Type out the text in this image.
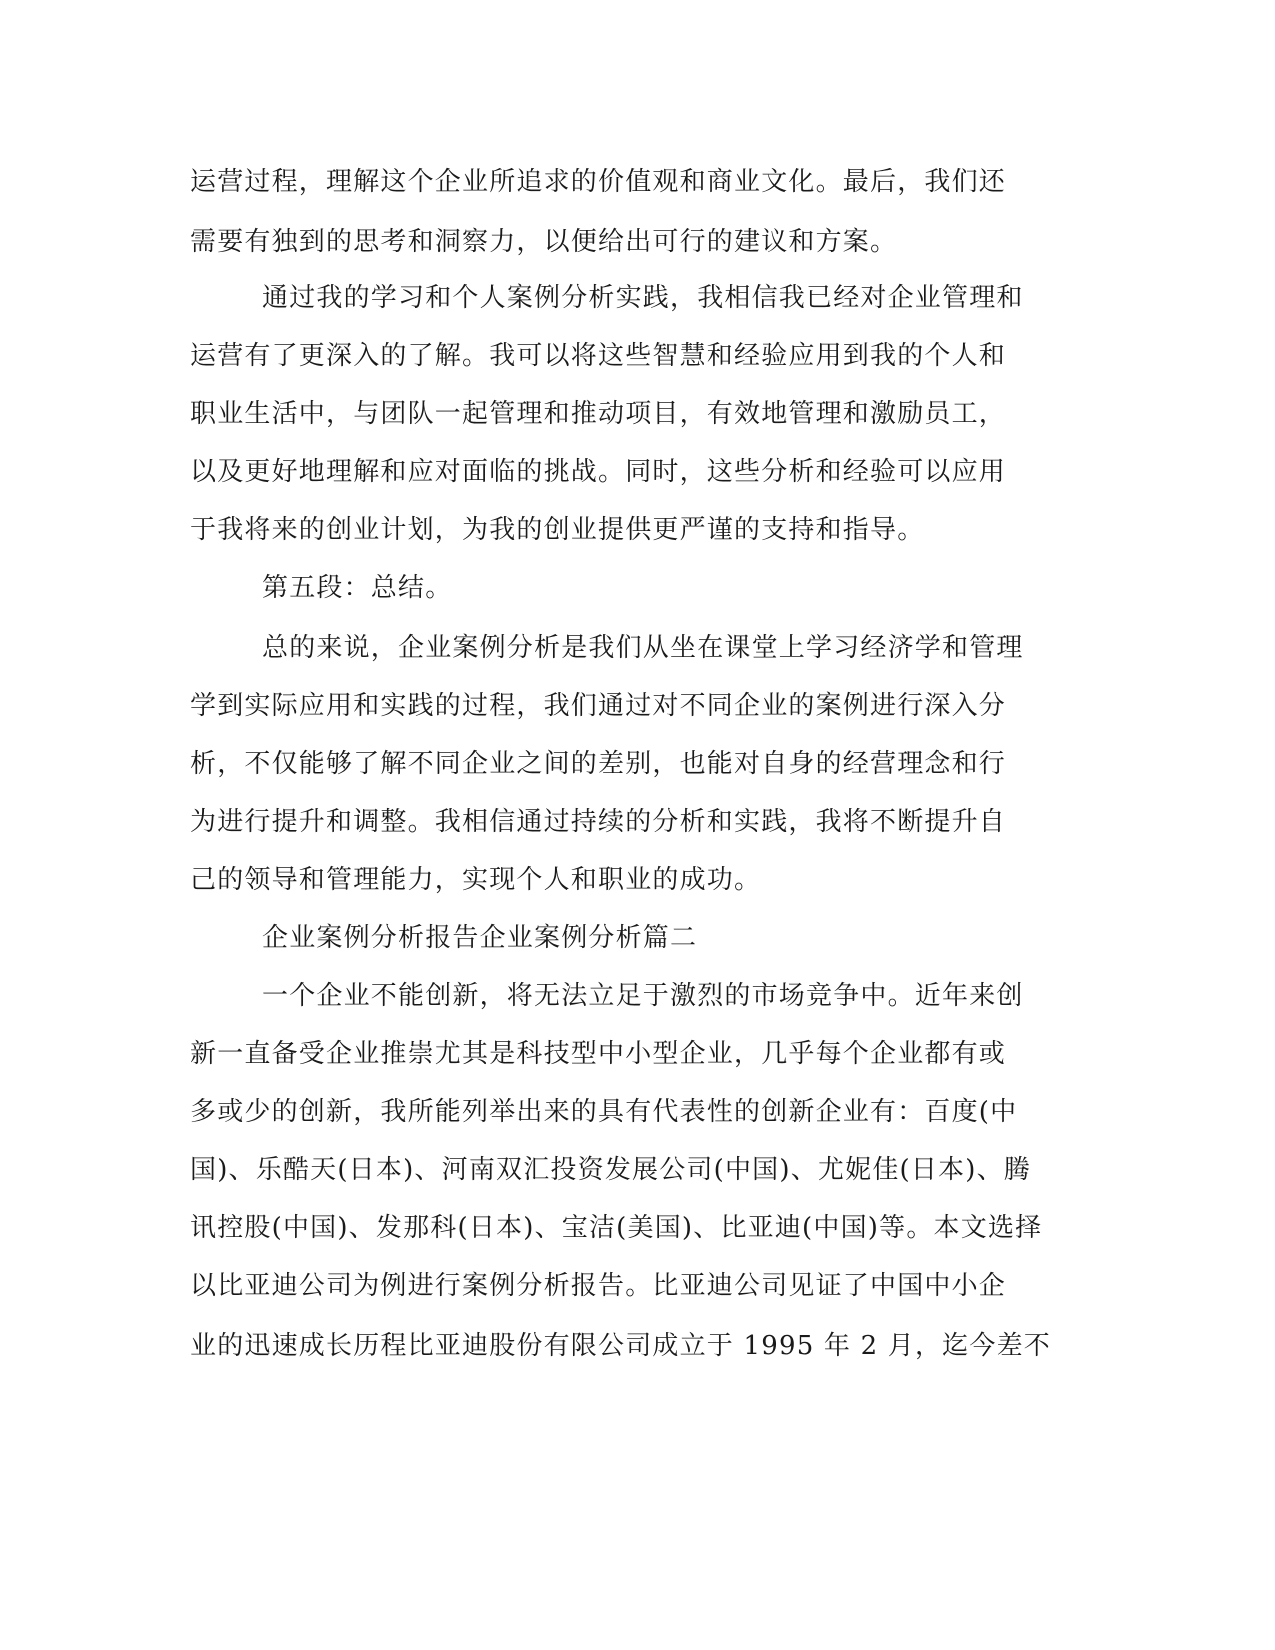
运营过程，理解这个企业所追求的价值观和商业文化。最后，我们还
需要有独到的思考和洞察力，以便给出可行的建议和方案。
通过我的学习和个人案例分析实践，我相信我已经对企业管理和
运营有了更深入的了解。我可以将这些智慧和经验应用到我的个人和
职业生活中，与团队一起管理和推动项目，有效地管理和激励员工，
以及更好地理解和应对面临的挑战。同时，这些分析和经验可以应用
于我将来的创业计划，为我的创业提供更严谨的支持和指导。
第五段：总结。
总的来说，企业案例分析是我们从坐在课堂上学习经济学和管理
学到实际应用和实践的过程，我们通过对不同企业的案例进行深入分
析，不仅能够了解不同企业之间的差别，也能对自身的经营理念和行
为进行提升和调整。我相信通过持续的分析和实践，我将不断提升自
己的领导和管理能力，实现个人和职业的成功。
企业案例分析报告企业案例分析篇二
一个企业不能创新，将无法立足于激烈的市场竞争中。近年来创
新一直备受企业推崇尤其是科技型中小型企业，几乎每个企业都有或
多或少的创新，我所能列举出来的具有代表性的创新企业有：百度(中
国)、乐酷天(日本)、河南双汇投资发展公司(中国)、尤妮佳(日本)、腾
讯控股(中国)、发那科(日本)、宝洁(美国)、比亚迪(中国)等。本文选择
以比亚迪公司为例进行案例分析报告。比亚迪公司见证了中国中小企
业的迅速成长历程比亚迪股份有限公司成立于 1995 年 2 月，迄今差不
